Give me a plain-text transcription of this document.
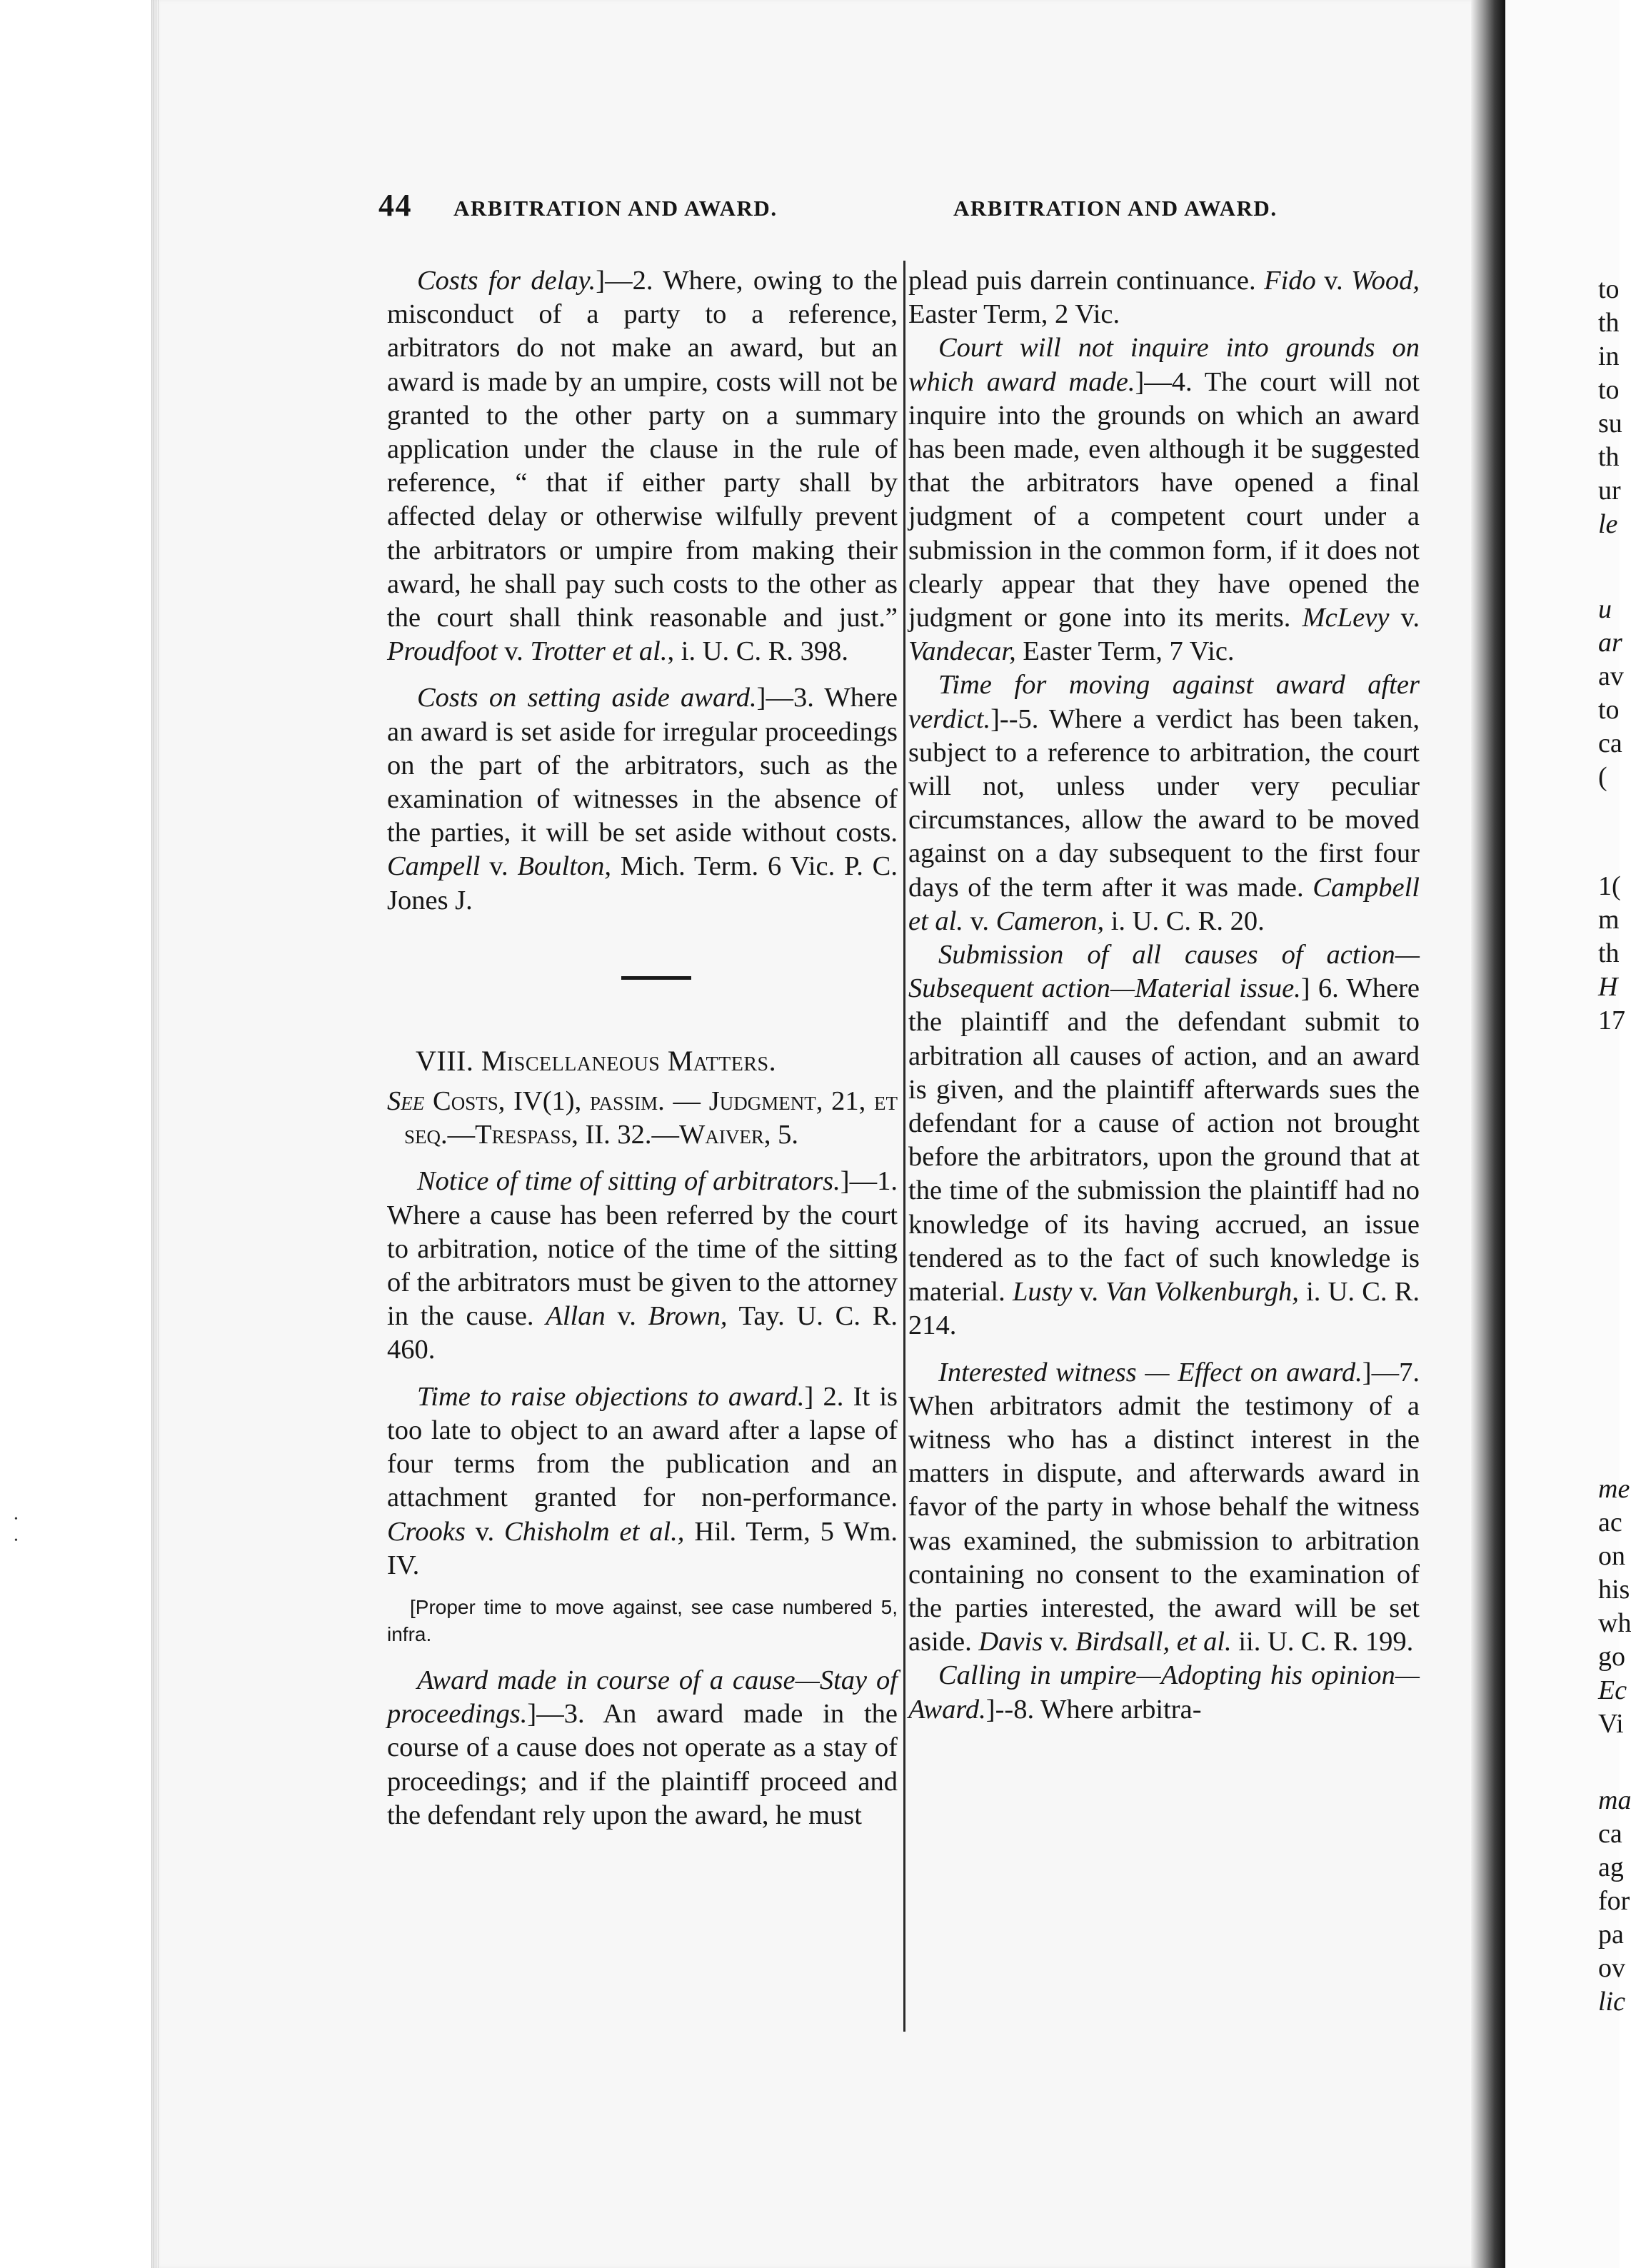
•
•
44 ARBITRATION AND AWARD.	ARBITRATION AND AWARD.

Costs for delay.]—2. Where, owing to the misconduct of a party to a reference, arbitrators do not make an award, but an award is made by an umpire, costs will not be granted to the other party on a summary application under the clause in the rule of reference, “ that if either party shall by affected delay or otherwise wilfully prevent the arbitrators or umpire from making their award, he shall pay such costs to the other as the court shall think reasonable and just.” Proudfoot v. Trotter et al., i. U. C. R. 398.

Costs on setting aside award.]—3. Where an award is set aside for irregular proceedings on the part of the arbitrators, such as the examination of witnesses in the absence of the parties, it will be set aside without costs. Campell v. Boulton, Mich. Term. 6 Vic. P. C. Jones J.

VIII. Miscellaneous Matters.

See Costs, IV(1), passim. — Judgment, 21, et seq.—Trespass, II. 32.—Waiver, 5.

Notice of time of sitting of arbitrators.]—1. Where a cause has been referred by the court to arbitration, notice of the time of the sitting of the arbitrators must be given to the attorney in the cause. Allan v. Brown, Tay. U. C. R. 460.

Time to raise objections to award.] 2. It is too late to object to an award after a lapse of four terms from the publication and an attachment granted for non-performance. Crooks v. Chisholm et al., Hil. Term, 5 Wm. IV.

[Proper time to move against, see case numbered 5, infra.

Award made in course of a cause—Stay of proceedings.]—3. An award made in the course of a cause does not operate as a stay of proceedings; and if the plaintiff proceed and the defendant rely upon the award, he must

plead puis darrein continuance. Fido v. Wood, Easter Term, 2 Vic.

Court will not inquire into grounds on which award made.]—4. The court will not inquire into the grounds on which an award has been made, even although it be suggested that the arbitrators have opened a final judgment of a competent court under a submission in the common form, if it does not clearly appear that they have opened the judgment or gone into its merits. McLevy v. Vandecar, Easter Term, 7 Vic.

Time for moving against award after verdict.]--5. Where a verdict has been taken, subject to a reference to arbitration, the court will not, unless under very peculiar circumstances, allow the award to be moved against on a day subsequent to the first four days of the term after it was made. Campbell et al. v. Cameron, i. U. C. R. 20.

Submission of all causes of action—Subsequent action—Material issue.] 6. Where the plaintiff and the defendant submit to arbitration all causes of action, and an award is given, and the plaintiff afterwards sues the defendant for a cause of action not brought before the arbitrators, upon the ground that at the time of the submission the plaintiff had no knowledge of its having accrued, an issue tendered as to the fact of such knowledge is material. Lusty v. Van Volkenburgh, i. U. C. R. 214.

Interested witness — Effect on award.]—7. When arbitrators admit the testimony of a witness who has a distinct interest in the matters in dispute, and afterwards award in favor of the party in whose behalf the witness was examined, the submission to arbitration containing no consent to the examination of the parties interested, the award will be set aside. Davis v. Birdsall, et al. ii. U. C. R. 199.

Calling in umpire—Adopting his opinion—Award.]--8. Where arbitra-

to
th
in
to
su
th
ur
le
u
ar
av
to
ca
(
1(
m
th
H
17
me
ac
on
his
wh
go
Ec
Vi
ma
ca
ag
for
pa
ov
lic
